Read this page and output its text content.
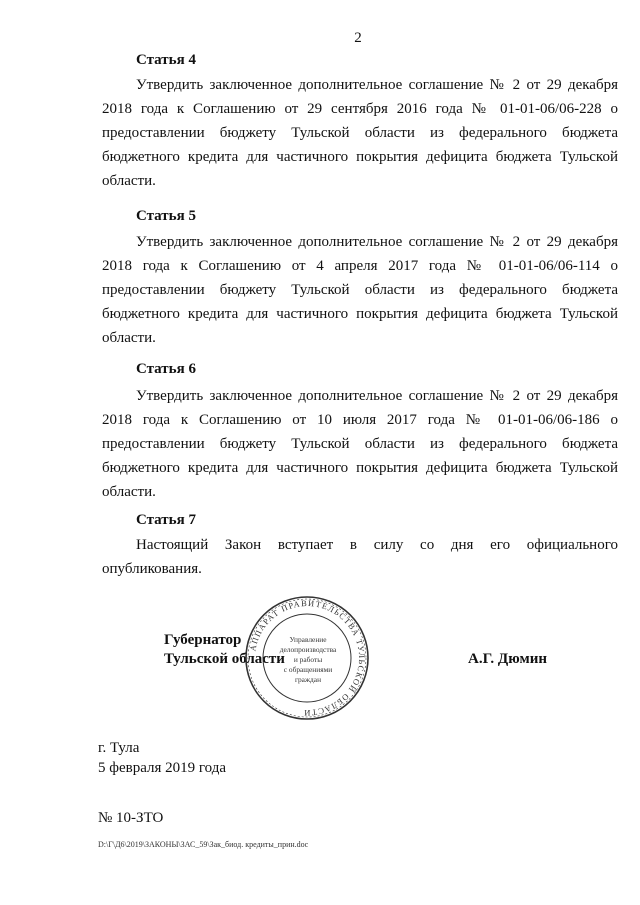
2
Статья 4

Утвердить заключенное дополнительное соглашение № 2 от 29 декабря 2018 года к Соглашению от 29 сентября 2016 года № 01-01-06/06-228 о предоставлении бюджету Тульской области из федерального бюджета бюджетного кредита для частичного покрытия дефицита бюджета Тульской области.

Статья 5

Утвердить заключенное дополнительное соглашение № 2 от 29 декабря 2018 года к Соглашению от 4 апреля 2017 года № 01-01-06/06-114 о предоставлении бюджету Тульской области из федерального бюджета бюджетного кредита для частичного покрытия дефицита бюджета Тульской области.

Статья 6

Утвердить заключенное дополнительное соглашение № 2 от 29 декабря 2018 года к Соглашению от 10 июля 2017 года № 01-01-06/06-186 о предоставлении бюджету Тульской области из федерального бюджета бюджетного кредита для частичного покрытия дефицита бюджета Тульской области.

Статья 7

Настоящий Закон вступает в силу со дня его официального опубликования.

Губернатор
Тульской области	А.Г. Дюмин
АППАРАТ ПРАВИТЕЛЬСТВА ТУЛЬСКОЙ ОБЛАСТИ
Управление
делопроизводства
и работы
с обращениями
граждан
г. Тула
5 февраля 2019 года
№ 10-ЗТО
D:\Г\Д6\2019\ЗАКОНЫ\ЗАС_59\Зак_биод. кредиты_прин.doc
